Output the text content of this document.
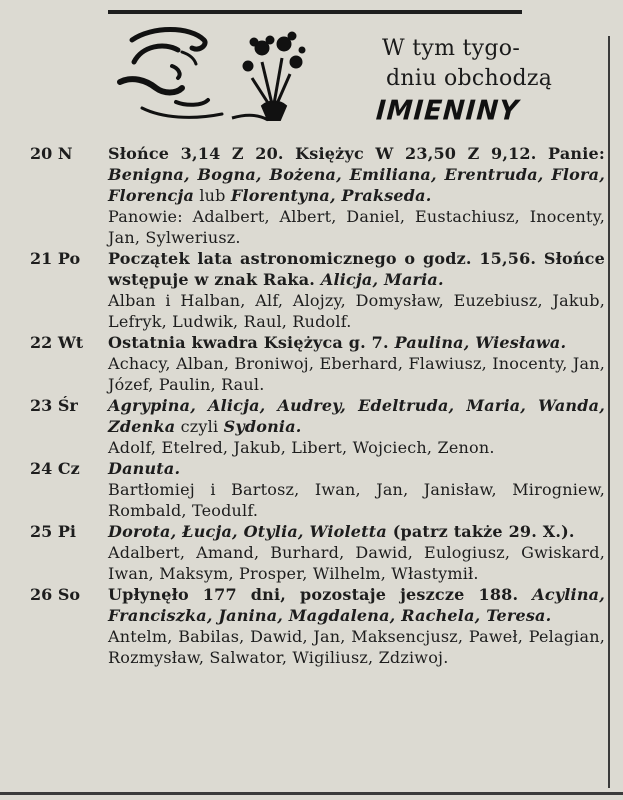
W tym tygo-
dniu obchodzą
IMIENINY
20 N	Słońce 3,14 Z 20. Księżyc W 23,50 Z 9,12. Panie: Benigna, Bogna, Bożena, Emiliana, Erentruda, Flora, Florencja lub Florentyna, Prakseda.

Panowie: Adalbert, Albert, Daniel, Eustachiusz, Inocenty, Jan, Sylweriusz.

21 Po	Początek lata astronomicznego o godz. 15,56. Słońce wstępuje w znak Raka. Alicja, Maria.

Alban i Halban, Alf, Alojzy, Domysław, Euzebiusz, Jakub, Lefryk, Ludwik, Raul, Rudolf.

22 Wt	Ostatnia kwadra Księżyca g. 7. Paulina, Wiesława.

Achacy, Alban, Broniwoj, Eberhard, Flawiusz, Inocenty, Jan, Józef, Paulin, Raul.

23 Śr	Agrypina, Alicja, Audrey, Edeltruda, Maria, Wanda, Zdenka czyli Sydonia.

Adolf, Etelred, Jakub, Libert, Wojciech, Zenon.

24 Cz	Danuta.

Bartłomiej i Bartosz, Iwan, Jan, Janisław, Mirogniew, Rombald, Teodulf.

25 Pi	Dorota, Łucja, Otylia, Wioletta (patrz także 29. X.).

Adalbert, Amand, Burhard, Dawid, Eulogiusz, Gwiskard, Iwan, Maksym, Prosper, Wilhelm, Włastymił.

26 So	Upłynęło 177 dni, pozostaje jeszcze 188. Acylina, Franciszka, Janina, Magdalena, Rachela, Teresa.

Antelm, Babilas, Dawid, Jan, Maksencjusz, Paweł, Pelagian, Rozmysław, Salwator, Wigiliusz, Zdziwoj.
